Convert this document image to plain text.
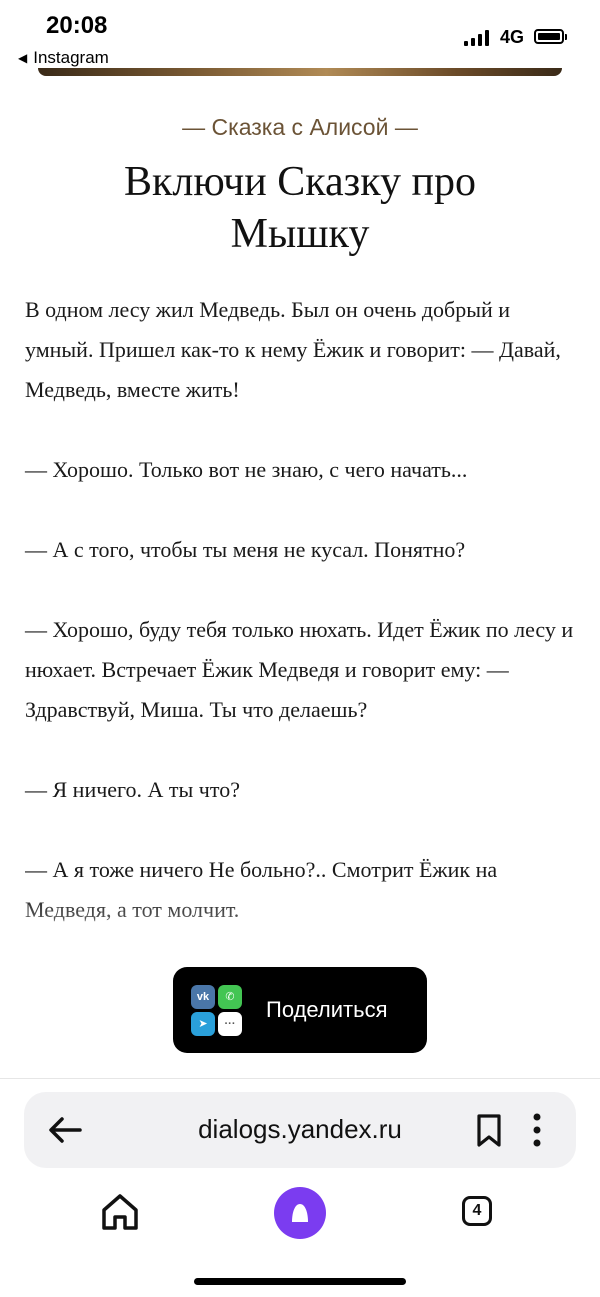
20:08
◀ Instagram
4G
— Сказка с Алисой —
Включи Сказку про Мышку

В одном лесу жил Медведь. Был он очень добрый и умный. Пришел как-то к нему Ёжик и говорит: — Давай, Медведь, вместе жить!

— Хорошо. Только вот не знаю, с чего начать...

— А с того, чтобы ты меня не кусал. Понятно?

— Хорошо, буду тебя только нюхать. Идет Ёжик по лесу и нюхает. Встречает Ёжик Медведя и говорит ему: — Здравствуй, Миша. Ты что делаешь?

— Я ничего. А ты что?

— А я тоже ничего Не больно?.. Смотрит Ёжик на Медведя, а тот молчит.

vk	✆
➤	···
Поделиться
dialogs.yandex.ru
4
